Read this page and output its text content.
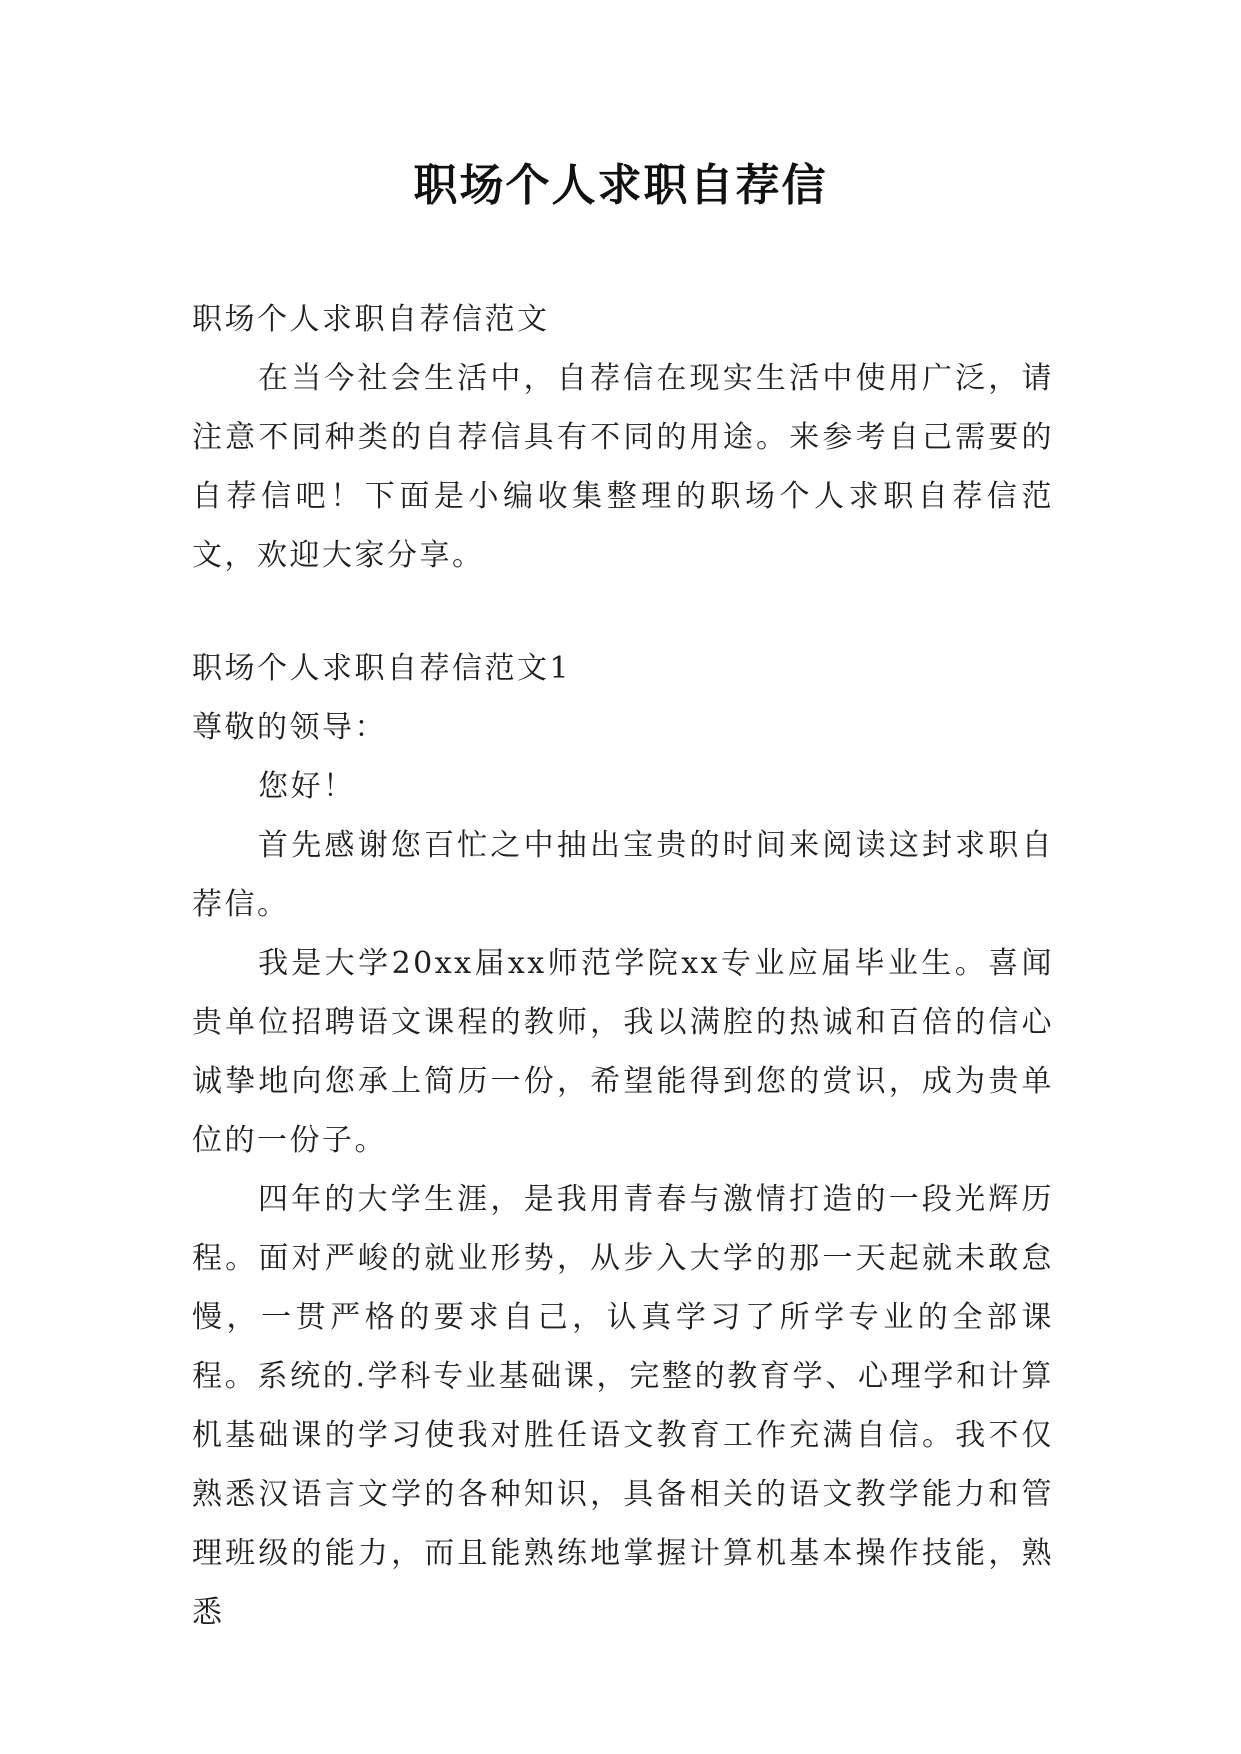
职场个人求职自荐信

职场个人求职自荐信范文

在当今社会生活中，自荐信在现实生活中使用广泛，请注意不同种类的自荐信具有不同的用途。来参考自己需要的自荐信吧！下面是小编收集整理的职场个人求职自荐信范文，欢迎大家分享。

职场个人求职自荐信范文1

尊敬的领导：

您好！

首先感谢您百忙之中抽出宝贵的时间来阅读这封求职自荐信。

我是大学20xx届xx师范学院xx专业应届毕业生。喜闻贵单位招聘语文课程的教师，我以满腔的热诚和百倍的信心诚挚地向您承上简历一份，希望能得到您的赏识，成为贵单位的一份子。

四年的大学生涯，是我用青春与激情打造的一段光辉历程。面对严峻的就业形势，从步入大学的那一天起就未敢怠慢，一贯严格的要求自己，认真学习了所学专业的全部课程。系统的.学科专业基础课，完整的教育学、心理学和计算机基础课的学习使我对胜任语文教育工作充满自信。我不仅熟悉汉语言文学的各种知识，具备相关的语文教学能力和管理班级的能力，而且能熟练地掌握计算机基本操作技能，熟悉
